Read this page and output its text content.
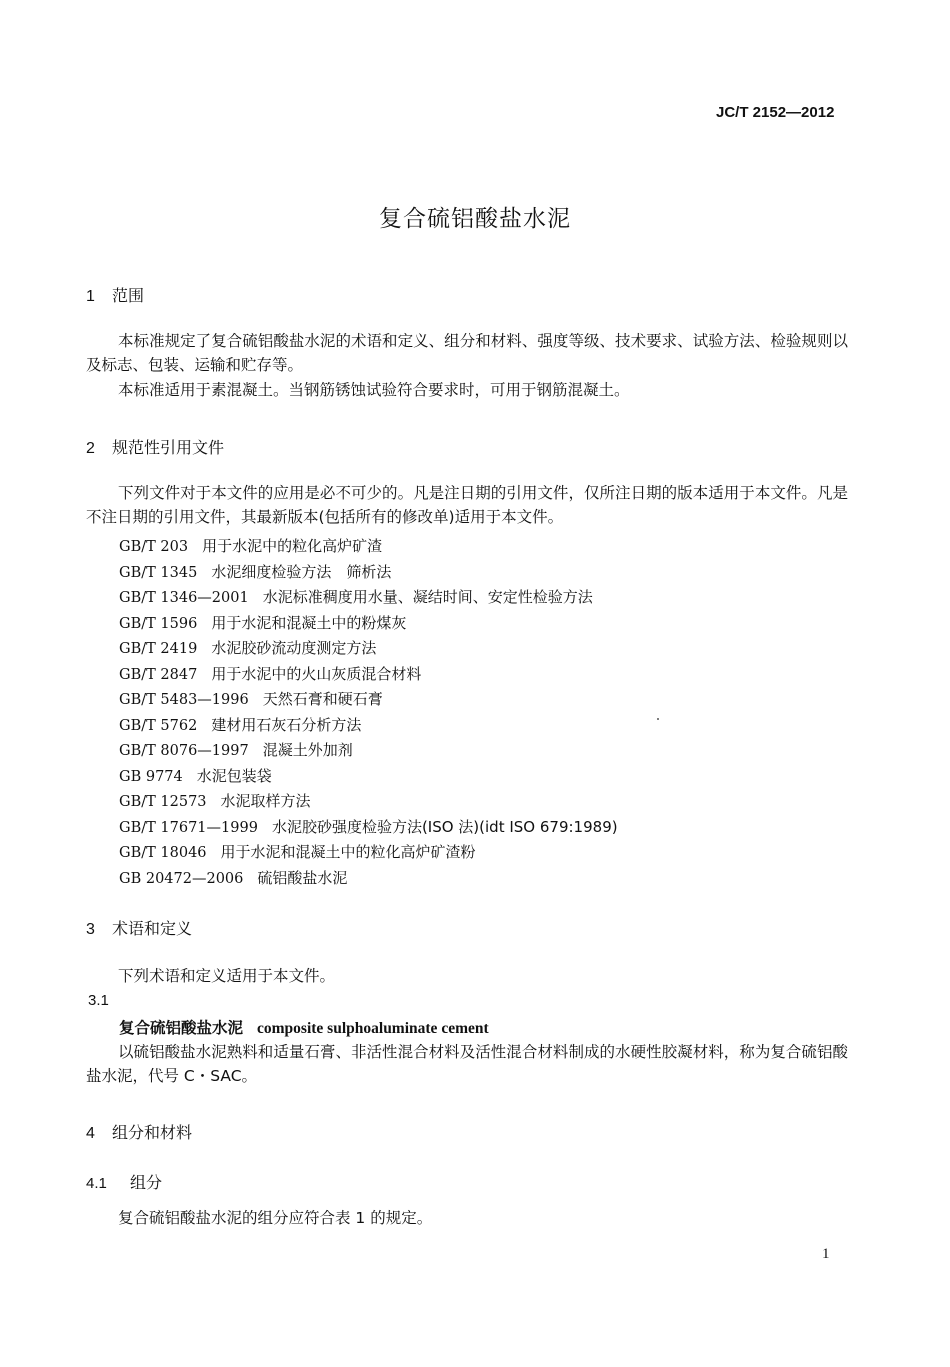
JC/T 2152—2012
复合硫铝酸盐水泥
1 范围
本标准规定了复合硫铝酸盐水泥的术语和定义、组分和材料、强度等级、技术要求、试验方法、检验规则以及标志、包装、运输和贮存等。
本标准适用于素混凝土。当钢筋锈蚀试验符合要求时，可用于钢筋混凝土。
2 规范性引用文件
下列文件对于本文件的应用是必不可少的。凡是注日期的引用文件，仅所注日期的版本适用于本文件。凡是不注日期的引用文件，其最新版本(包括所有的修改单)适用于本文件。
GB/T 203 用于水泥中的粒化高炉矿渣
GB/T 1345 水泥细度检验方法　筛析法
GB/T 1346—2001 水泥标准稠度用水量、凝结时间、安定性检验方法
GB/T 1596 用于水泥和混凝土中的粉煤灰
GB/T 2419 水泥胶砂流动度测定方法
GB/T 2847 用于水泥中的火山灰质混合材料
GB/T 5483—1996 天然石膏和硬石膏
GB/T 5762 建材用石灰石分析方法
GB/T 8076—1997 混凝土外加剂
GB 9774 水泥包装袋
GB/T 12573 水泥取样方法
GB/T 17671—1999 水泥胶砂强度检验方法(ISO 法)(idt ISO 679:1989)
GB/T 18046 用于水泥和混凝土中的粒化高炉矿渣粉
GB 20472—2006 硫铝酸盐水泥
3 术语和定义
下列术语和定义适用于本文件。
3.1
复合硫铝酸盐水泥 composite sulphoaluminate cement
以硫铝酸盐水泥熟料和适量石膏、非活性混合材料及活性混合材料制成的水硬性胶凝材料，称为复合硫铝酸盐水泥，代号 C・SAC。
4 组分和材料
4.1 组分
复合硫铝酸盐水泥的组分应符合表 1 的规定。
1
